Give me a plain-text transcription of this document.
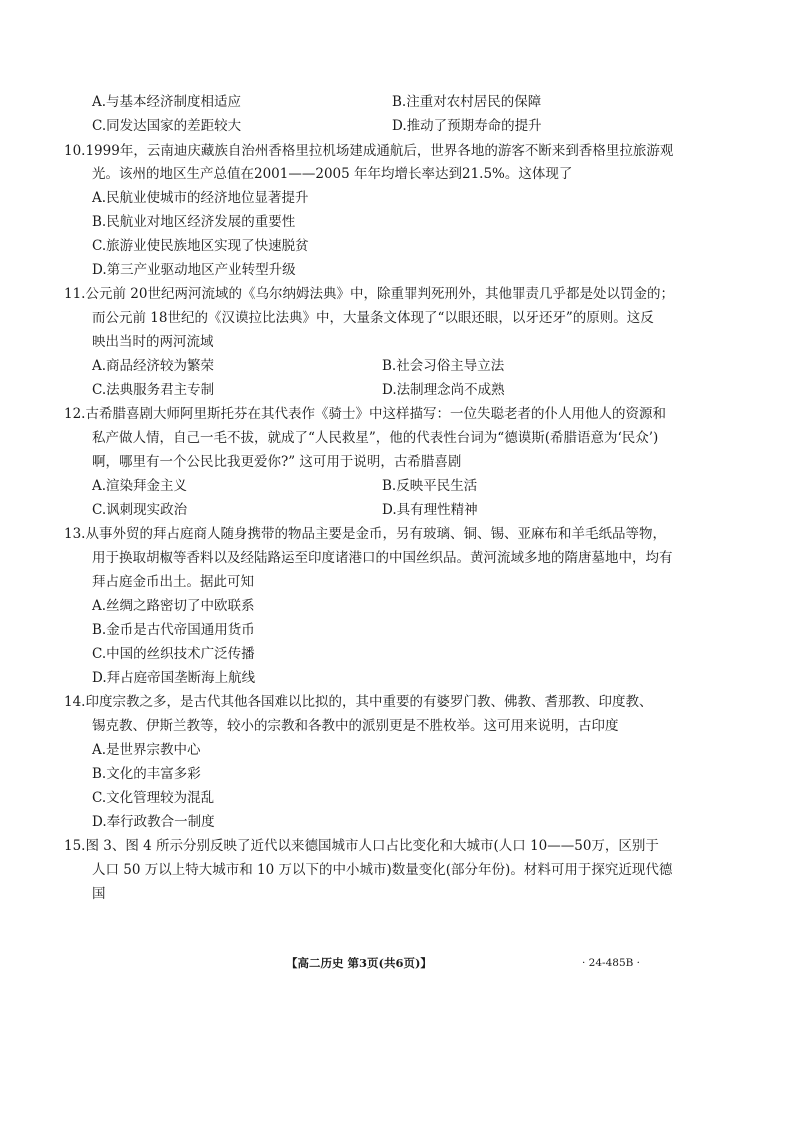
A.与基本经济制度相适应	B.注重对农村居民的保障
C.同发达国家的差距较大	D.推动了预期寿命的提升
10.1999年，云南迪庆藏族自治州香格里拉机场建成通航后，世界各地的游客不断来到香格里拉旅游观
光。该州的地区生产总值在2001——2005 年年均增长率达到21.5%。这体现了
A.民航业使城市的经济地位显著提升
B.民航业对地区经济发展的重要性
C.旅游业使民族地区实现了快速脱贫
D.第三产业驱动地区产业转型升级
11.公元前 20世纪两河流域的《乌尔纳姆法典》中，除重罪判死刑外，其他罪责几乎都是处以罚金的；
而公元前 18世纪的《汉谟拉比法典》中，大量条文体现了“以眼还眼，以牙还牙”的原则。这反
映出当时的两河流域
A.商品经济较为繁荣	B.社会习俗主导立法
C.法典服务君主专制	D.法制理念尚不成熟
12.古希腊喜剧大师阿里斯托芬在其代表作《骑士》中这样描写：一位失聪老者的仆人用他人的资源和
私产做人情，自己一毛不拔，就成了“人民救星”，他的代表性台词为“德谟斯(希腊语意为‘民众’)
啊，哪里有一个公民比我更爱你?” 这可用于说明，古希腊喜剧
A.渲染拜金主义	B.反映平民生活
C.讽刺现实政治	D.具有理性精神
13.从事外贸的拜占庭商人随身携带的物品主要是金币，另有玻璃、铜、锡、亚麻布和羊毛纸品等物，
用于换取胡椒等香料以及经陆路运至印度诸港口的中国丝织品。黄河流域多地的隋唐墓地中，均有
拜占庭金币出土。据此可知
A.丝绸之路密切了中欧联系
B.金币是古代帝国通用货币
C.中国的丝织技术广泛传播
D.拜占庭帝国垄断海上航线
14.印度宗教之多，是古代其他各国难以比拟的，其中重要的有婆罗门教、佛教、耆那教、印度教、
锡克教、伊斯兰教等，较小的宗教和各教中的派别更是不胜枚举。这可用来说明，古印度
A.是世界宗教中心
B.文化的丰富多彩
C.文化管理较为混乱
D.奉行政教合一制度
15.图 3、图 4 所示分别反映了近代以来德国城市人口占比变化和大城市(人口 10——50万，区别于
人口 50 万以上特大城市和 10 万以下的中小城市)数量变化(部分年份)。材料可用于探究近现代德
国
【高二历史 第3页(共6页)】	· 24-485B ·
